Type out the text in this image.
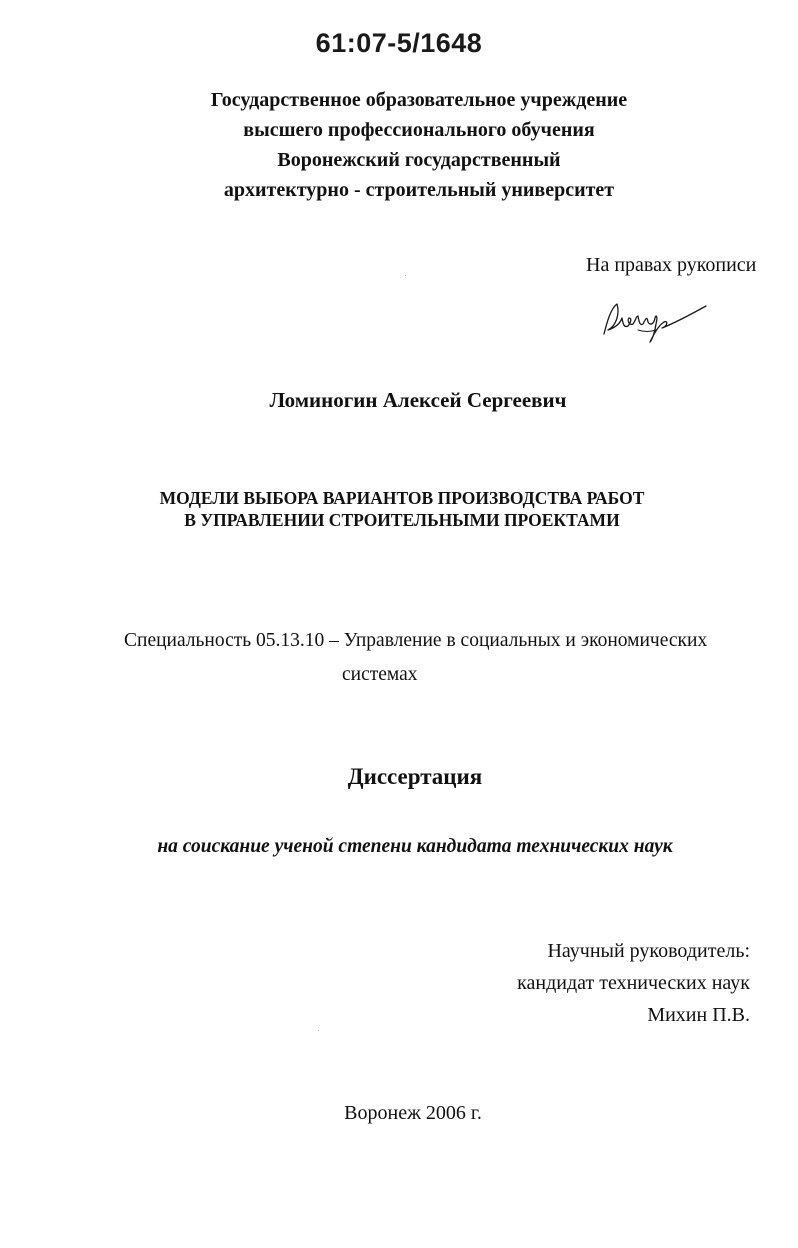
61:07-5/1648
Государственное образовательное учреждение
высшего профессионального обучения
Воронежский государственный
архитектурно - строительный университет
На правах рукописи
Ломиногин Алексей Сергеевич
МОДЕЛИ ВЫБОРА ВАРИАНТОВ ПРОИЗВОДСТВА РАБОТ
В УПРАВЛЕНИИ СТРОИТЕЛЬНЫМИ ПРОЕКТАМИ
Специальность 05.13.10 – Управление в социальных и экономических
системах
Диссертация
на соискание ученой степени кандидата технических наук
Научный руководитель:
кандидат технических наук
Михин П.В.
Воронеж 2006 г.
